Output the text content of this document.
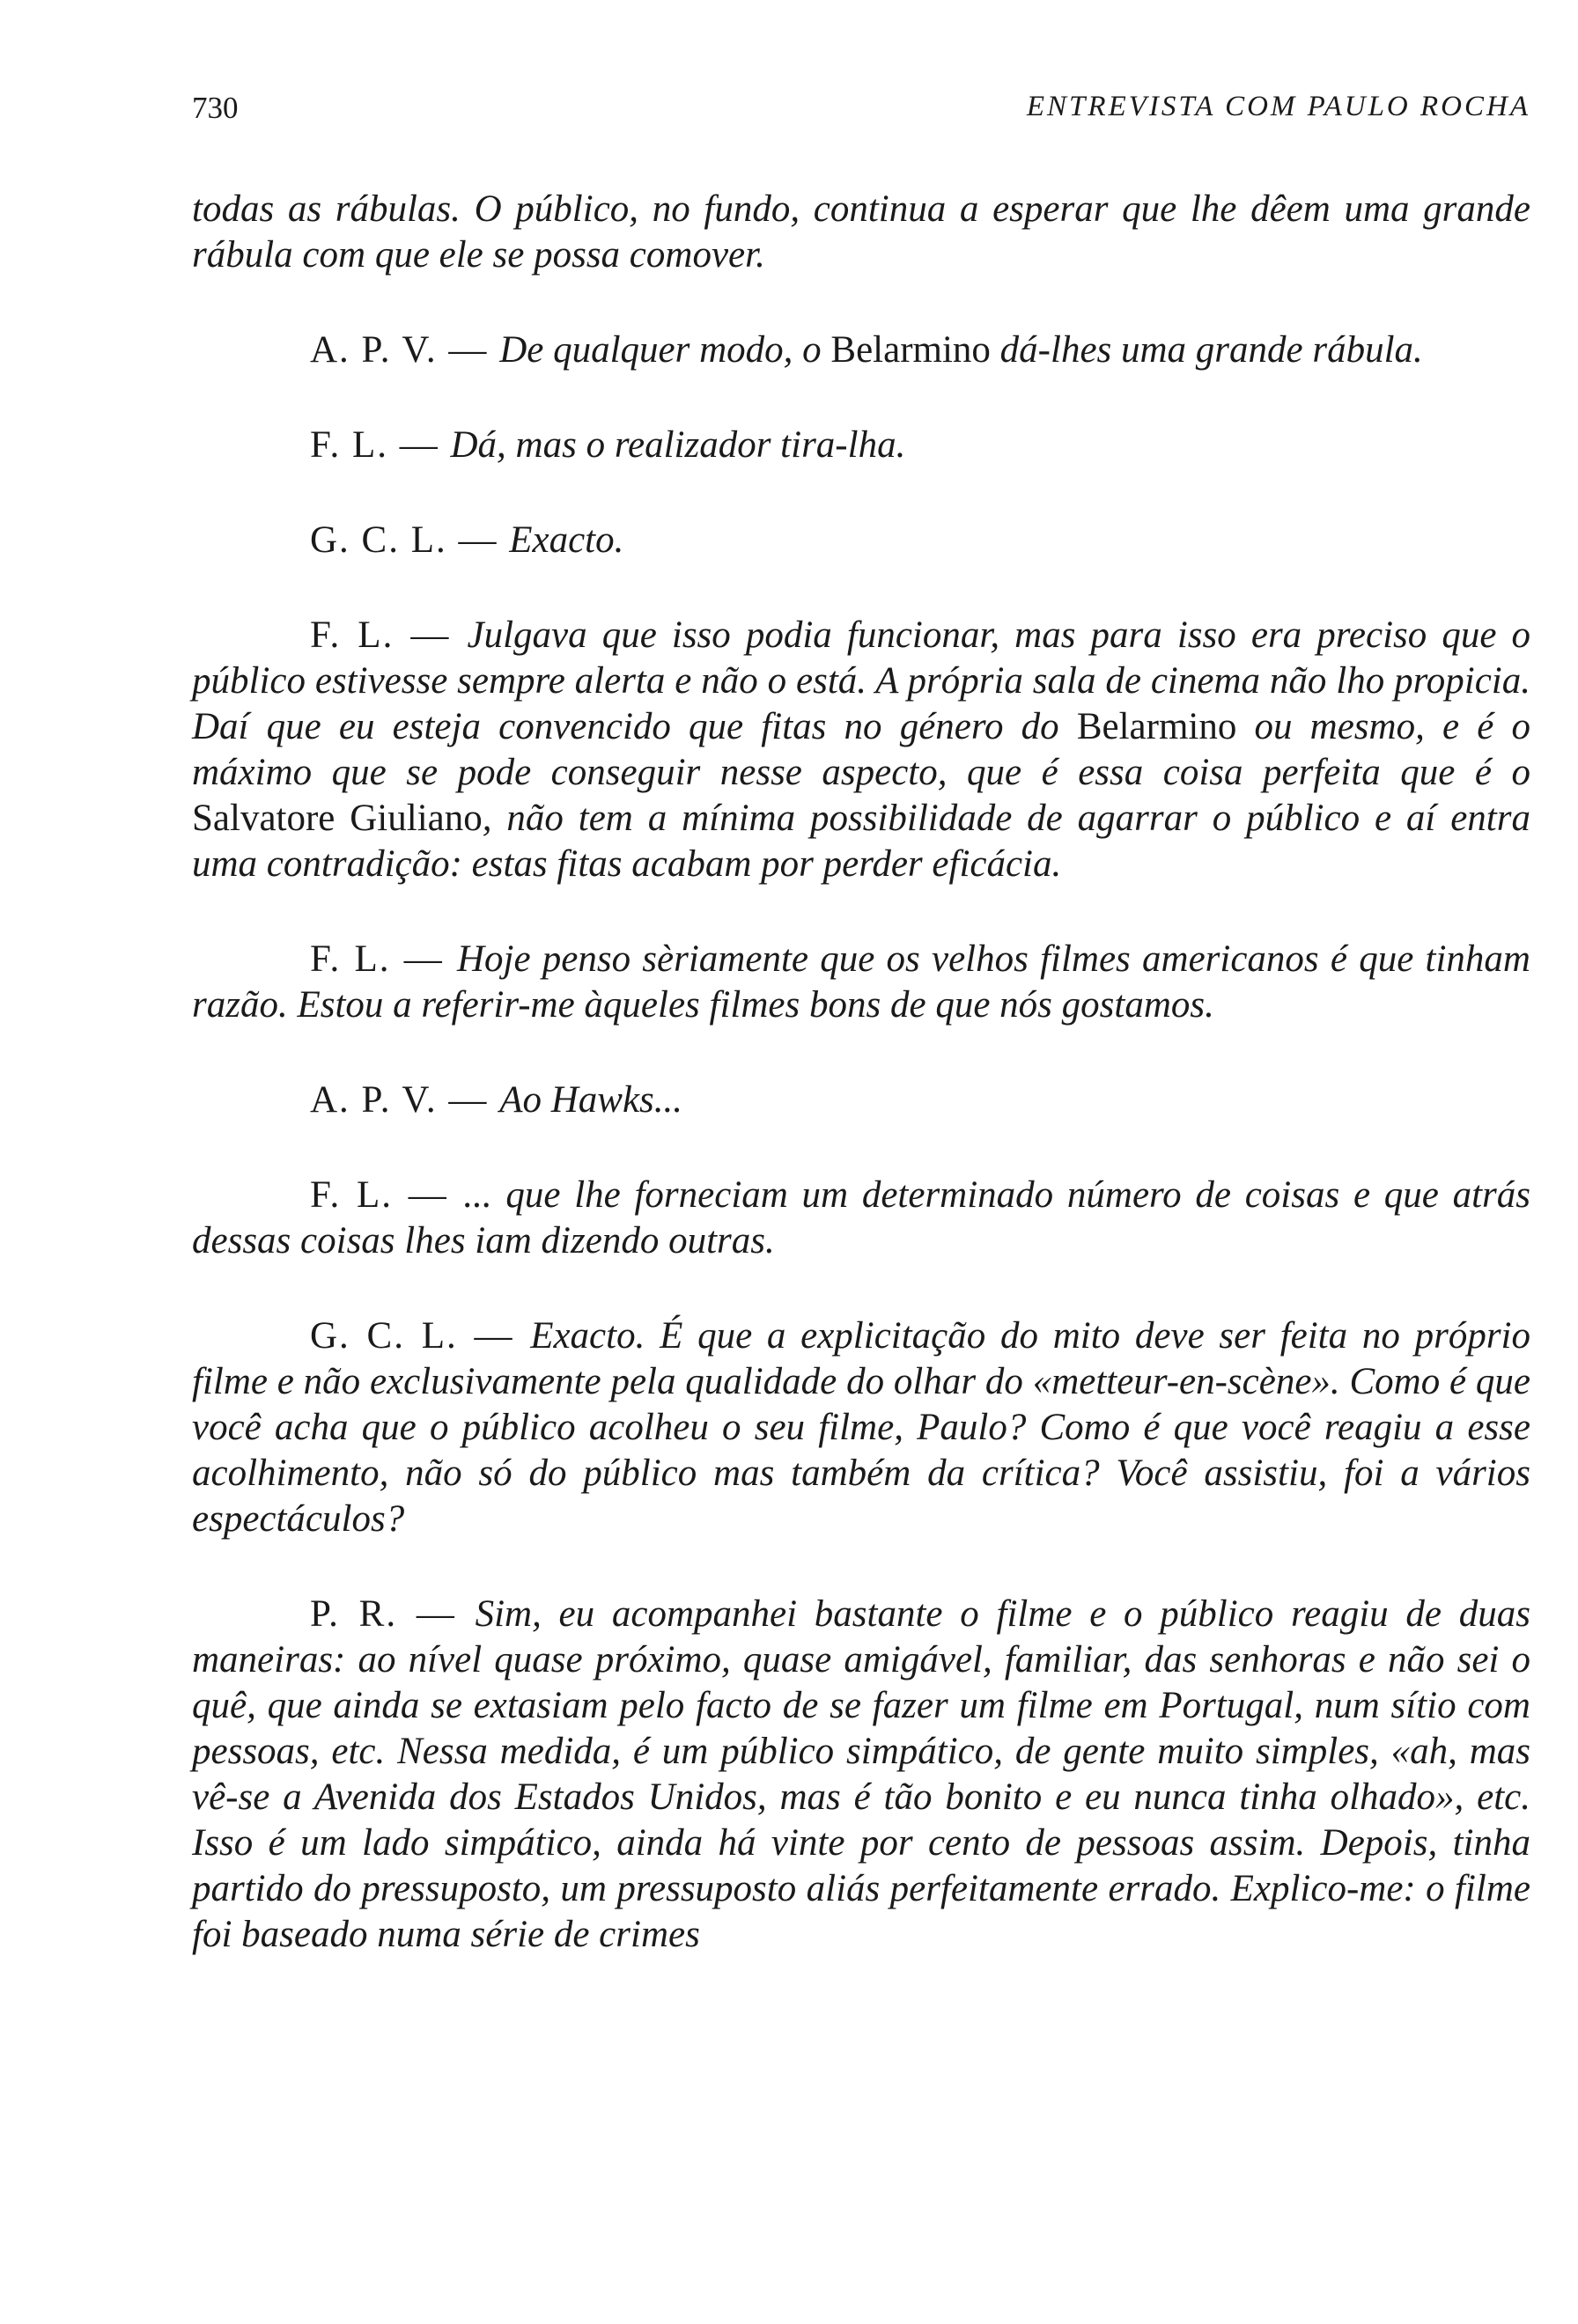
730	ENTREVISTA COM PAULO ROCHA

todas as rábulas. O público, no fundo, continua a esperar que lhe dêem uma grande rábula com que ele se possa comover.

A. P. V. — De qualquer modo, o Belarmino dá-lhes uma grande rábula.

F. L. — Dá, mas o realizador tira-lha.

G. C. L. — Exacto.

F. L. — Julgava que isso podia funcionar, mas para isso era preciso que o público estivesse sempre alerta e não o está. A própria sala de cinema não lho propicia. Daí que eu esteja convencido que fitas no género do Belarmino ou mesmo, e é o máximo que se pode conseguir nesse aspecto, que é essa coisa perfeita que é o Salvatore Giuliano, não tem a mínima possibilidade de agarrar o público e aí entra uma contradição: estas fitas acabam por perder eficácia.

F. L. — Hoje penso sèriamente que os velhos filmes americanos é que tinham razão. Estou a referir-me àqueles filmes bons de que nós gostamos.

A. P. V. — Ao Hawks...

F. L. — ... que lhe forneciam um determinado número de coisas e que atrás dessas coisas lhes iam dizendo outras.

G. C. L. — Exacto. É que a explicitação do mito deve ser feita no próprio filme e não exclusivamente pela qualidade do olhar do «metteur-en-scène». Como é que você acha que o público acolheu o seu filme, Paulo? Como é que você reagiu a esse acolhimento, não só do público mas também da crítica? Você assistiu, foi a vários espectáculos?

P. R. — Sim, eu acompanhei bastante o filme e o público reagiu de duas maneiras: ao nível quase próximo, quase amigável, familiar, das senhoras e não sei o quê, que ainda se extasiam pelo facto de se fazer um filme em Portugal, num sítio com pessoas, etc. Nessa medida, é um público simpático, de gente muito simples, «ah, mas vê-se a Avenida dos Estados Unidos, mas é tão bonito e eu nunca tinha olhado», etc. Isso é um lado simpático, ainda há vinte por cento de pessoas assim. Depois, tinha partido do pressuposto, um pressuposto aliás perfeitamente errado. Explico-me: o filme foi baseado numa série de crimes
